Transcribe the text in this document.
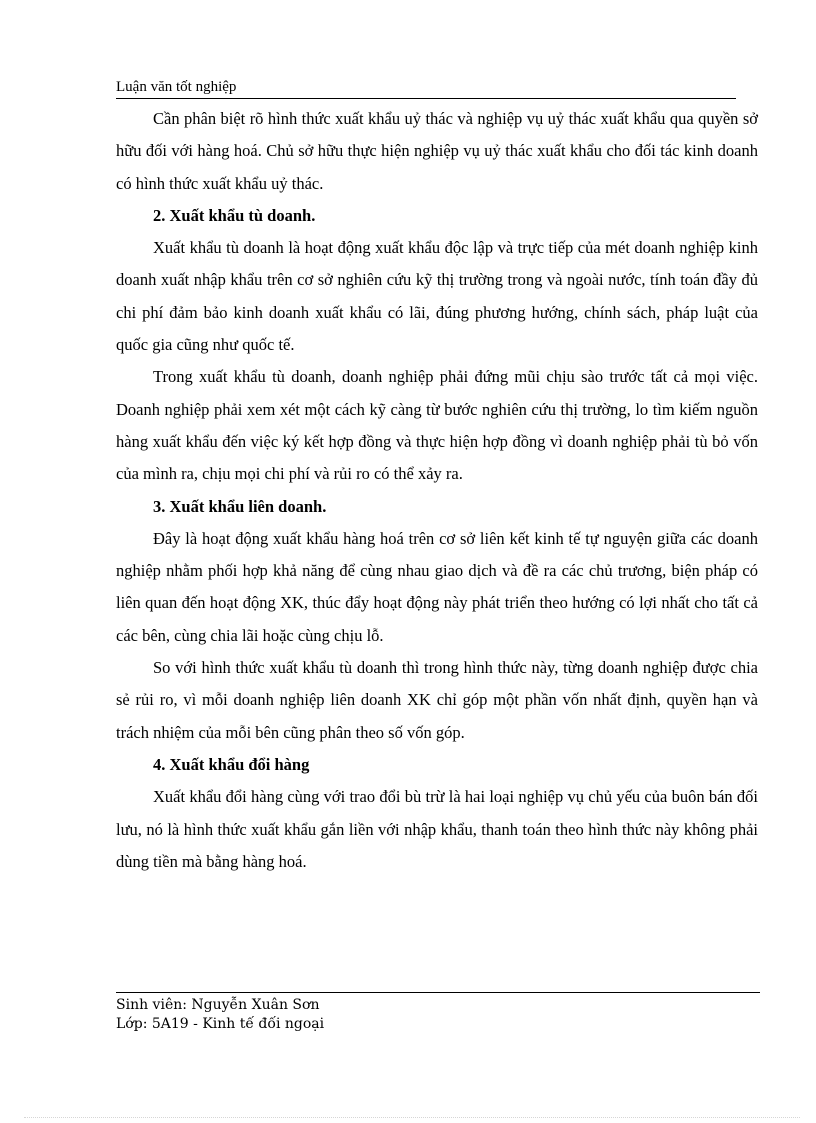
Luận văn tốt nghiệp

Cần phân biệt rõ hình thức xuất khẩu uỷ thác và nghiệp vụ uỷ thác xuất khẩu qua quyền sở hữu đối với hàng hoá. Chủ sở hữu thực hiện nghiệp vụ uỷ thác xuất khẩu cho đối tác kinh doanh có hình thức xuất khẩu uỷ thác.

2. Xuất khẩu tù doanh.

Xuất khẩu tù doanh là hoạt động xuất khẩu độc lập và trực tiếp của mét doanh nghiệp kinh doanh xuất nhập khẩu trên cơ sở nghiên cứu kỹ thị trường trong và ngoài nước, tính toán đầy đủ chi phí đảm bảo kinh doanh xuất khẩu có lãi, đúng phương hướng, chính sách, pháp luật của quốc gia cũng như quốc tế.

Trong xuất khẩu tù doanh, doanh nghiệp phải đứng mũi chịu sào trước tất cả mọi việc. Doanh nghiệp phải xem xét một cách kỹ càng từ bước nghiên cứu thị trường, lo tìm kiếm nguồn hàng xuất khẩu đến việc ký kết hợp đồng và thực hiện hợp đồng vì doanh nghiệp phải tù bỏ vốn của mình ra, chịu mọi chi phí và rủi ro có thể xảy ra.

3. Xuất khẩu liên doanh.

Đây là hoạt động xuất khẩu hàng hoá trên cơ sở liên kết kinh tế tự nguyện giữa các doanh nghiệp nhằm phối hợp khả năng để cùng nhau giao dịch và đề ra các chủ trương, biện pháp có liên quan đến hoạt động XK, thúc đẩy hoạt động này phát triển theo hướng có lợi nhất cho tất cả các bên, cùng chia lãi hoặc cùng chịu lỗ.

So với hình thức xuất khẩu tù doanh thì trong hình thức này, từng doanh nghiệp được chia sẻ rủi ro, vì mỗi doanh nghiệp liên doanh XK chỉ góp một phần vốn nhất định, quyền hạn và trách nhiệm của mỗi bên cũng phân theo số vốn góp.

4. Xuất khẩu đổi hàng

Xuất khẩu đổi hàng cùng với trao đổi bù trừ là hai loại nghiệp vụ chủ yếu của buôn bán đối lưu, nó là hình thức xuất khẩu gắn liền với nhập khẩu, thanh toán theo hình thức này không phải dùng tiền mà bằng hàng hoá.

Sinh viên: Nguyễn Xuân Sơn
Lớp: 5A19 - Kinh tế đối ngoại
